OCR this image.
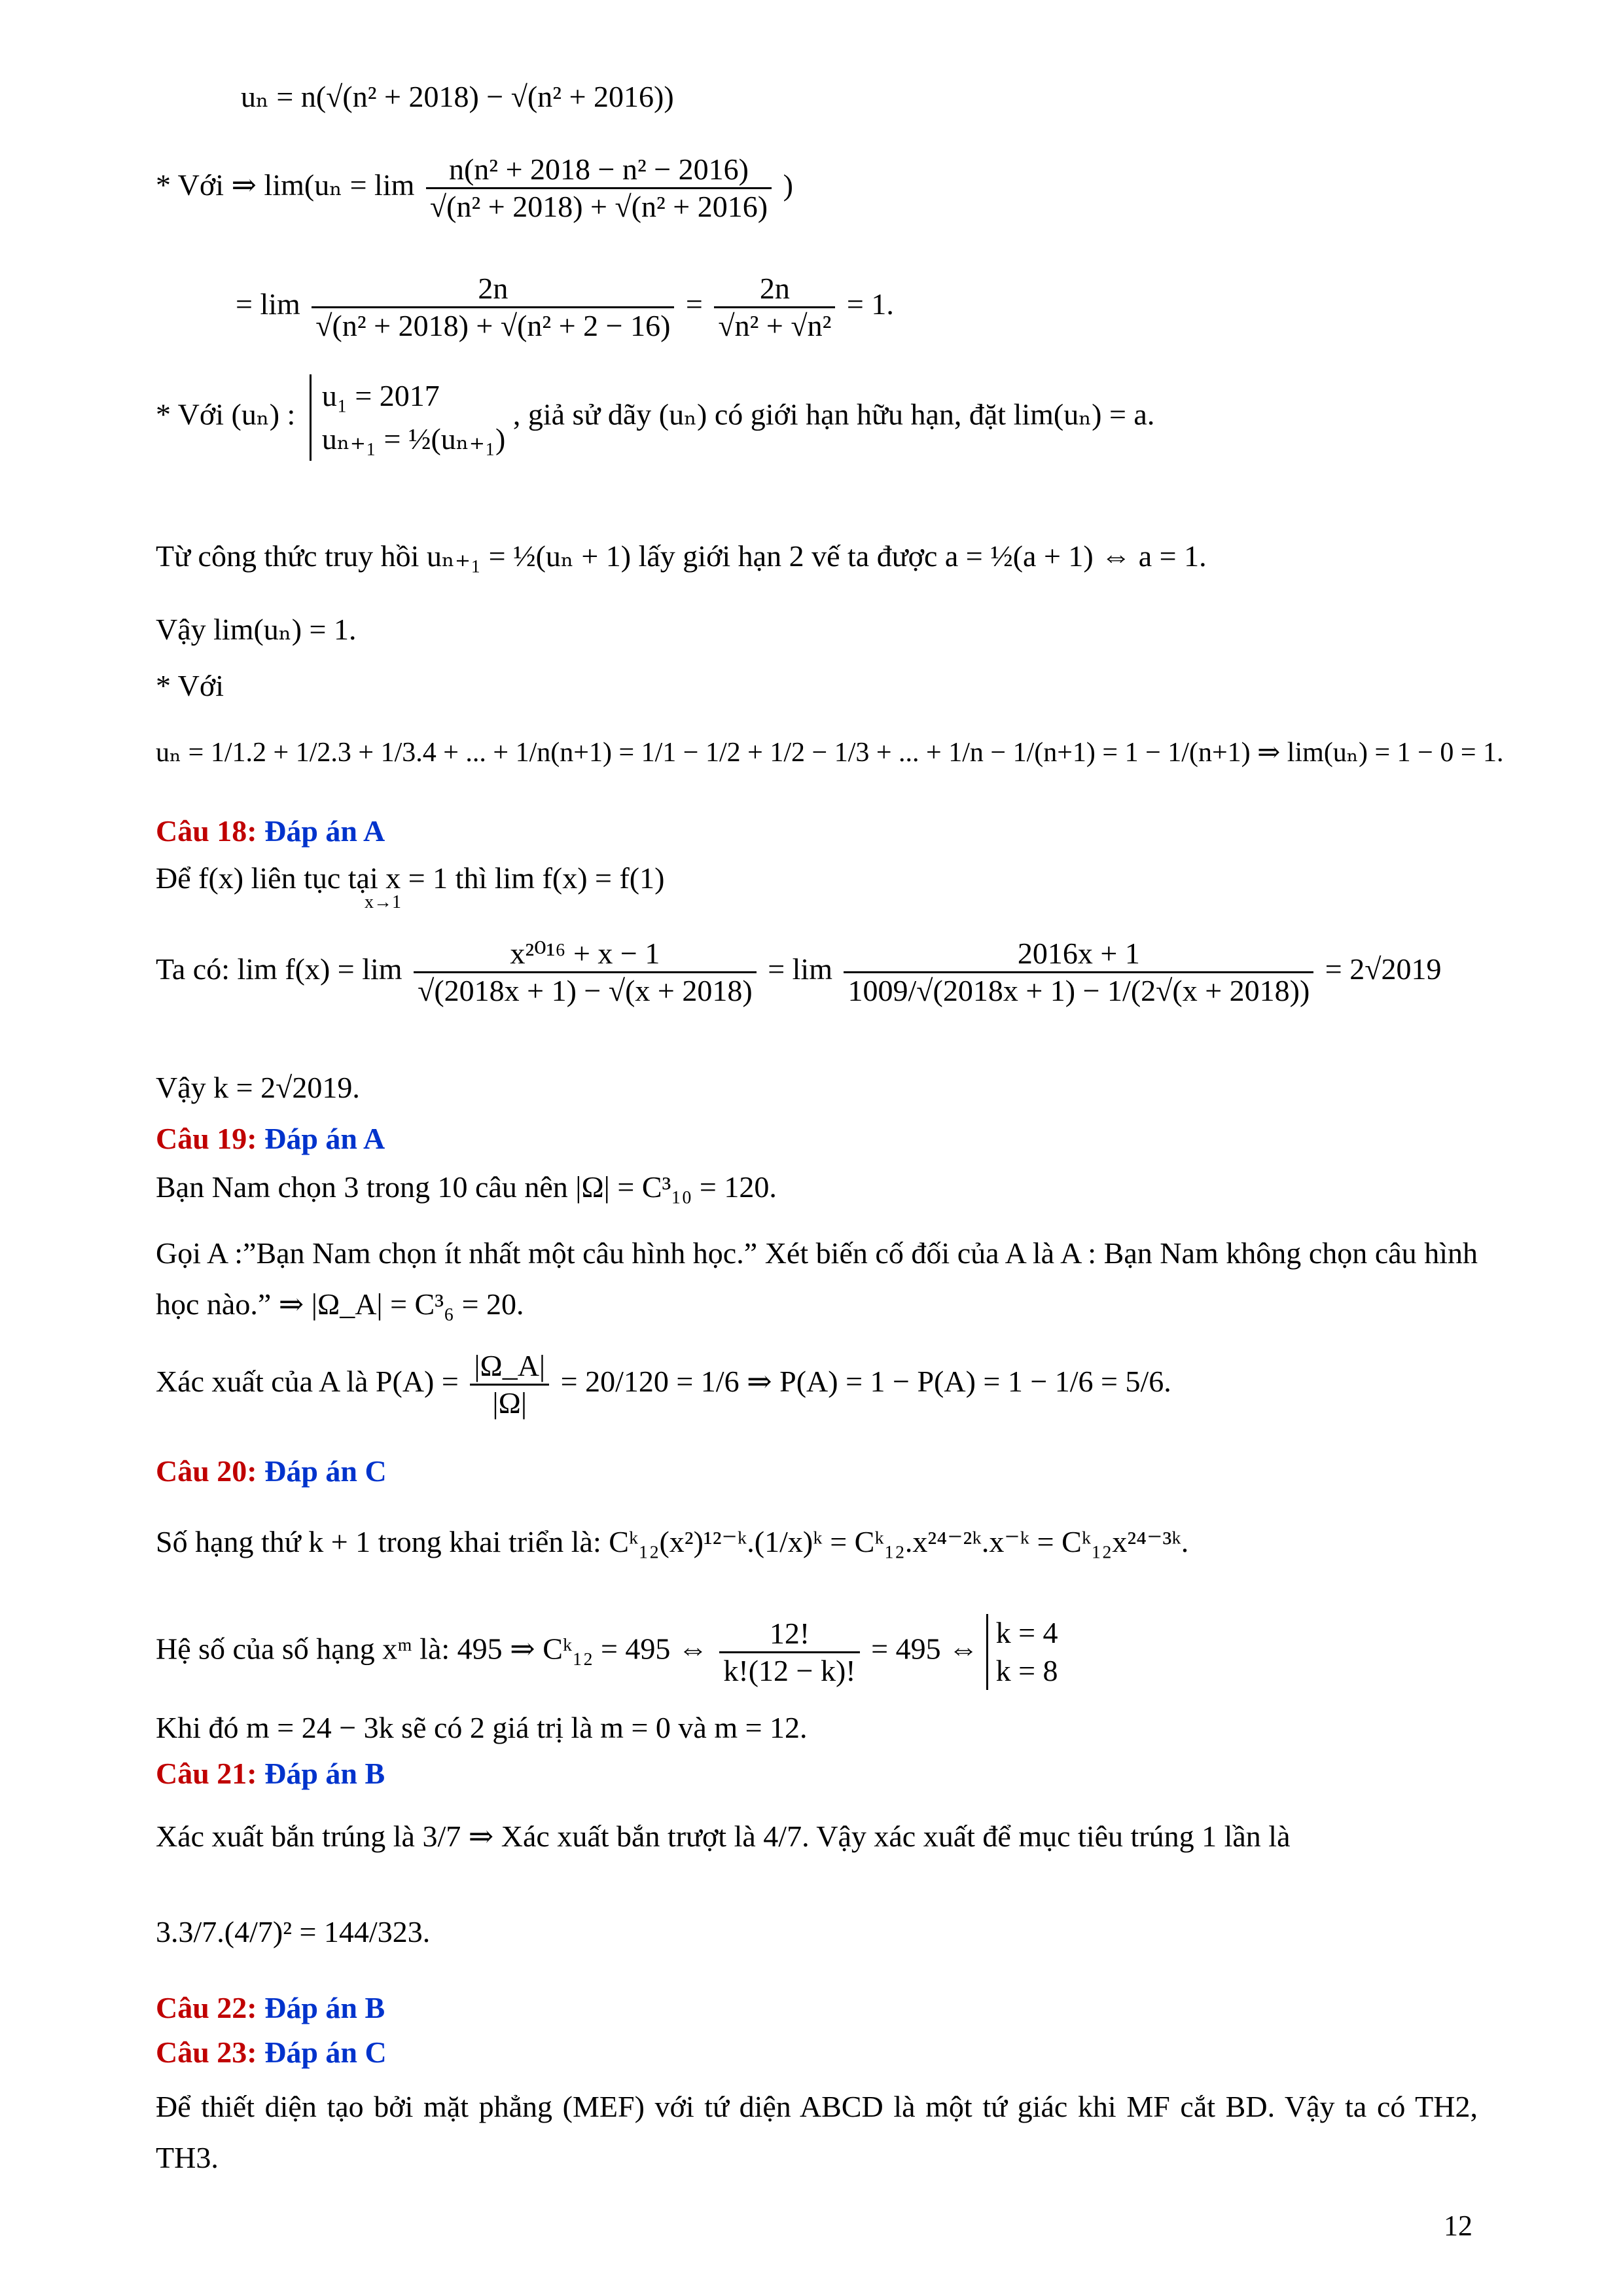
uₙ = n(√(n² + 2018) − √(n² + 2016))
* Với ⇒ $\lim(u_n = \lim \frac{\text{n(n² + 2018 − n² − 2016)}}{\text{√(n² + 2018) + √(n² + 2016)}}$ )
= $\lim \frac{2n}{\text{√(n² + 2018) + √(n² + 2 − 16)}} = \frac{2n}{\text{√n² + √n²}} = 1$.
* Với (uₙ) :
u₁ = 2017
uₙ₊₁ = ½(uₙ₊₁)
, giả sử dãy (uₙ) có giới hạn hữu hạn, đặt lim(uₙ) = a.
Từ công thức truy hồi uₙ₊₁ = ½(uₙ + 1) lấy giới hạn 2 vế ta được a = ½(a + 1) ⇔ a = 1.
Vậy lim(uₙ) = 1.
* Với
uₙ = 1/1.2 + 1/2.3 + 1/3.4 + ... + 1/n(n+1) = 1/1 − 1/2 + 1/2 − 1/3 + ... + 1/n − 1/(n+1) = 1 − 1/(n+1) ⇒ lim(uₙ) = 1 − 0 = 1.
Câu 18: Đáp án A
Để f(x) liên tục tại x = 1 thì lim f(x) = f(1) $_{x\to 1}$
Ta có: $\lim f(x) = \lim \frac{\text{x²⁰¹⁶ + x − 1}}{√(2018x + 1) - √(x + 2018)} = \lim \frac{2016x + 1}{1009/√(2018x + 1) - 1/(2√(x + 2018))} = 2√2019$
Vậy k = 2√2019.
Câu 19: Đáp án A
Bạn Nam chọn 3 trong 10 câu nên |Ω| = C³₁₀ = 120.
Gọi A :”Bạn Nam chọn ít nhất một câu hình học.” Xét biến cố đối của A là A : Bạn Nam không chọn câu hình học nào.” ⇒ |Ω_A| = C³₆ = 20.
Xác xuất của A là $P(A) = \frac{|\Omega\_A|}{|\Omega|} = 20/120 = 1/6$ ⇒ P(A) = 1 − P(A) = 1 − 1/6 = 5/6.
Câu 20: Đáp án C
Số hạng thứ k + 1 trong khai triển là: Cᵏ₁₂(x²)¹²⁻ᵏ.(1/x)ᵏ = Cᵏ₁₂.x²⁴⁻²ᵏ.x⁻ᵏ = Cᵏ₁₂x²⁴⁻³ᵏ.
Hệ số của số hạng xᵐ là: 495 ⇒ Cᵏ₁₂ = 495 ⇔ $\frac{12!}{k!(12 - k)!} = 495$ ⇔ k = 4
k = 8
Khi đó m = 24 − 3k sẽ có 2 giá trị là m = 0 và m = 12.
Câu 21: Đáp án B
Xác xuất bắn trúng là 3/7 ⇒ Xác xuất bắn trượt là 4/7. Vậy xác xuất để mục tiêu trúng 1 lần là
3.3/7.(4/7)² = 144/323.
Câu 22: Đáp án B
Câu 23: Đáp án C
Để thiết diện tạo bởi mặt phẳng (MEF) với tứ diện ABCD là một tứ giác khi MF cắt BD. Vậy ta có TH2, TH3.
12
